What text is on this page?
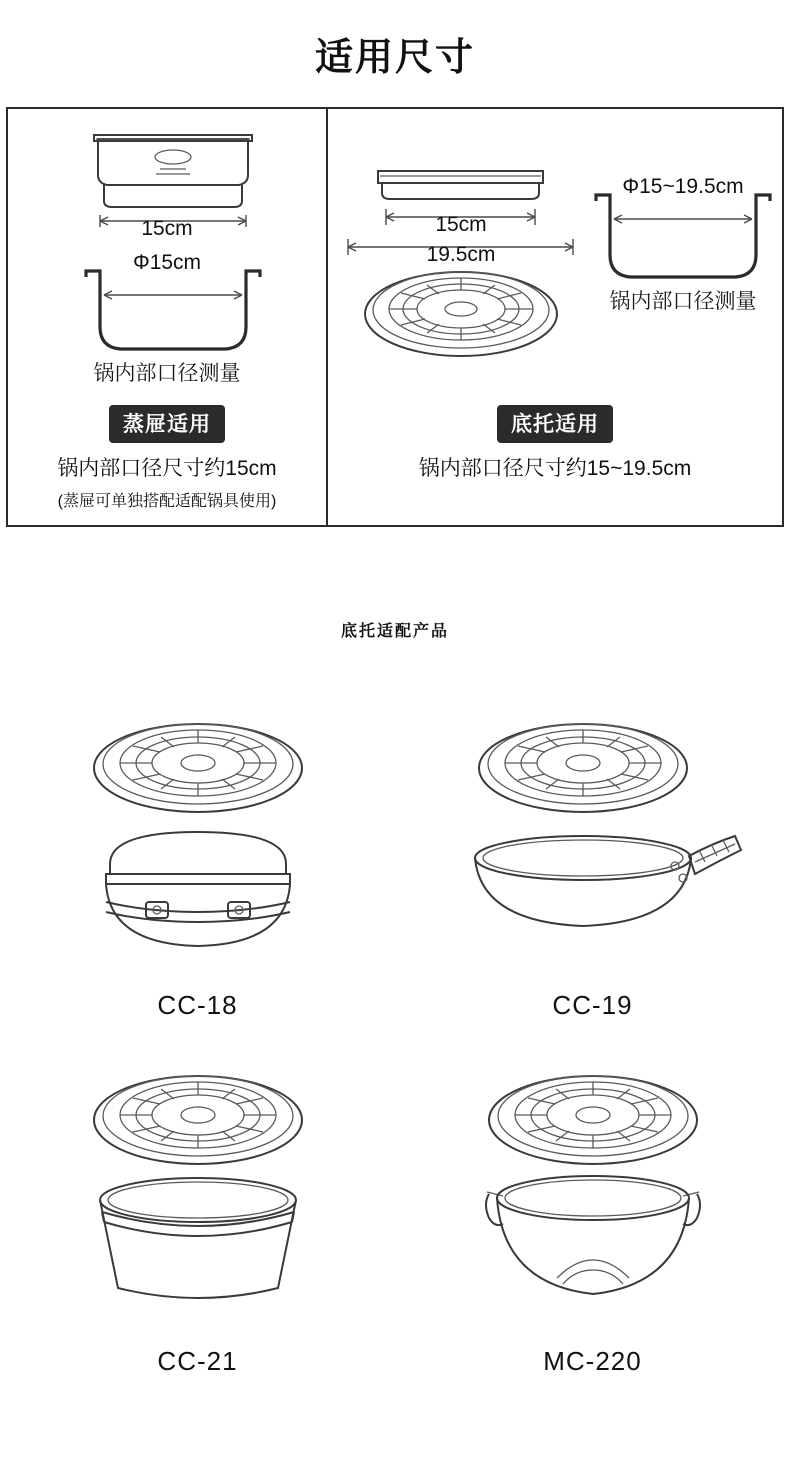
适用尺寸
15cm
Φ15cm
锅内部口径测量
蒸屉适用
锅内部口径尺寸约15cm
(蒸屉可单独搭配适配锅具使用)
15cm
19.5cm
Φ15~19.5cm
锅内部口径测量
底托适用
锅内部口径尺寸约15~19.5cm
底托适配产品
CC-18	CC-19
CC-21	MC-220
